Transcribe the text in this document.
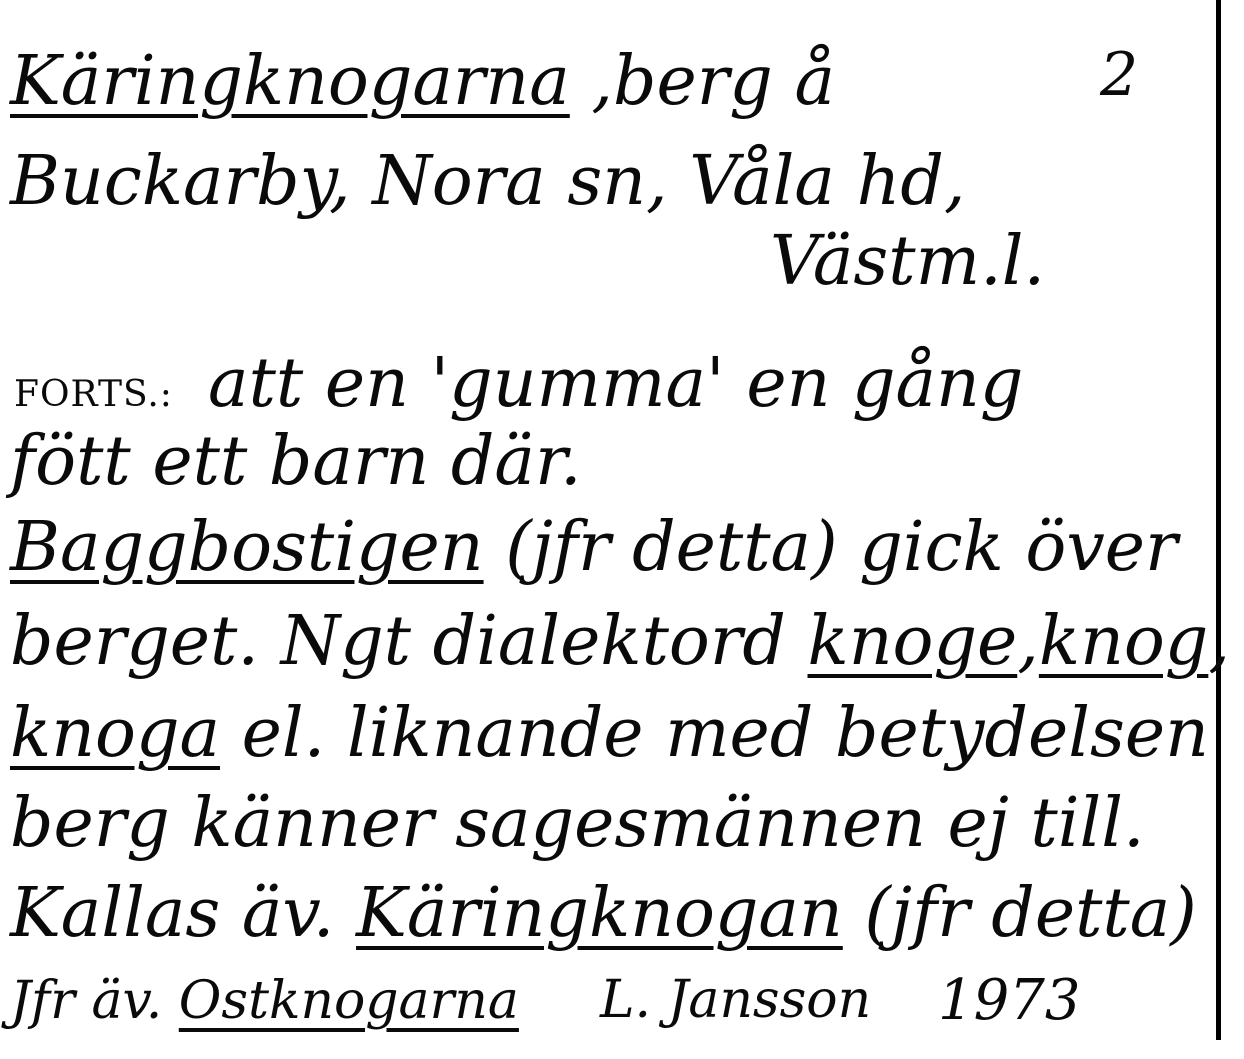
2
Käringknogarna ,berg å
Buckarby, Nora sn, Våla hd,
Västm.l.
FORTS.: att en 'gumma' en gång
fött ett barn där.
Baggbostigen (jfr detta) gick över
berget. Ngt dialektord knoge,knog,
knoga el. liknande med betydelsen
berg känner sagesmännen ej till.
Kallas äv. Käringknogan (jfr detta)
Jfr äv. Ostknogarna L. Jansson 1973
